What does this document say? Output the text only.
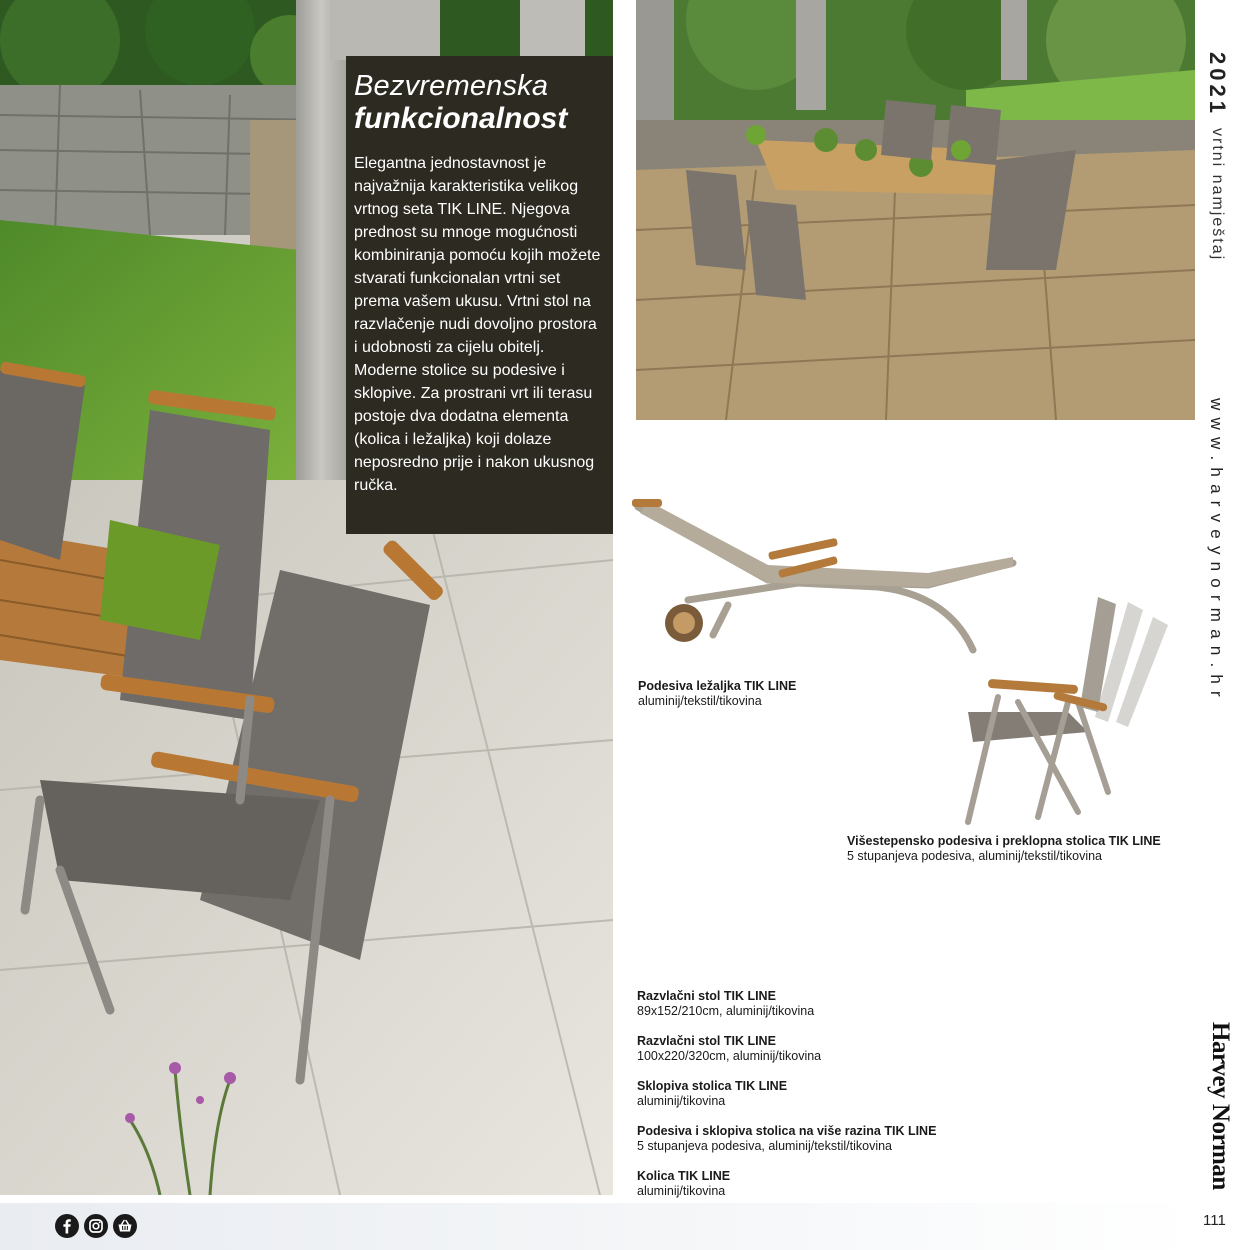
Bezvremenska
funkcionalnost
Elegantna jednostavnost je najvažnija karakteristika velikog vrtnog seta TIK LINE. Njegova prednost su mnoge mogućnosti kombiniranja pomoću kojih možete stvarati funkcionalan vrtni set prema vašem ukusu. Vrtni stol na razvlačenje nudi dovoljno prostora i udobnosti za cijelu obitelj. Moderne stolice su podesive i sklopive. Za prostrani vrt ili terasu postoje dva dodatna elementa (kolica i ležaljka) koji dolaze neposredno prije i nakon ukusnog ručka.
2021
vrtni namještaj
www.harveynorman.hr
Harvey Norman
Podesiva ležaljka TIK LINE
aluminij/tekstil/tikovina
Višestepensko podesiva i preklopna stolica TIK LINE
5 stupanjeva podesiva, aluminij/tekstil/tikovina
Razvlačni stol TIK LINE
89x152/210cm, aluminij/tikovina
Razvlačni stol TIK LINE
100x220/320cm, aluminij/tikovina
Sklopiva stolica TIK LINE
aluminij/tikovina
Podesiva i sklopiva stolica na više razina TIK LINE
5 stupanjeva podesiva, aluminij/tekstil/tikovina
Kolica TIK LINE
aluminij/tikovina
111
